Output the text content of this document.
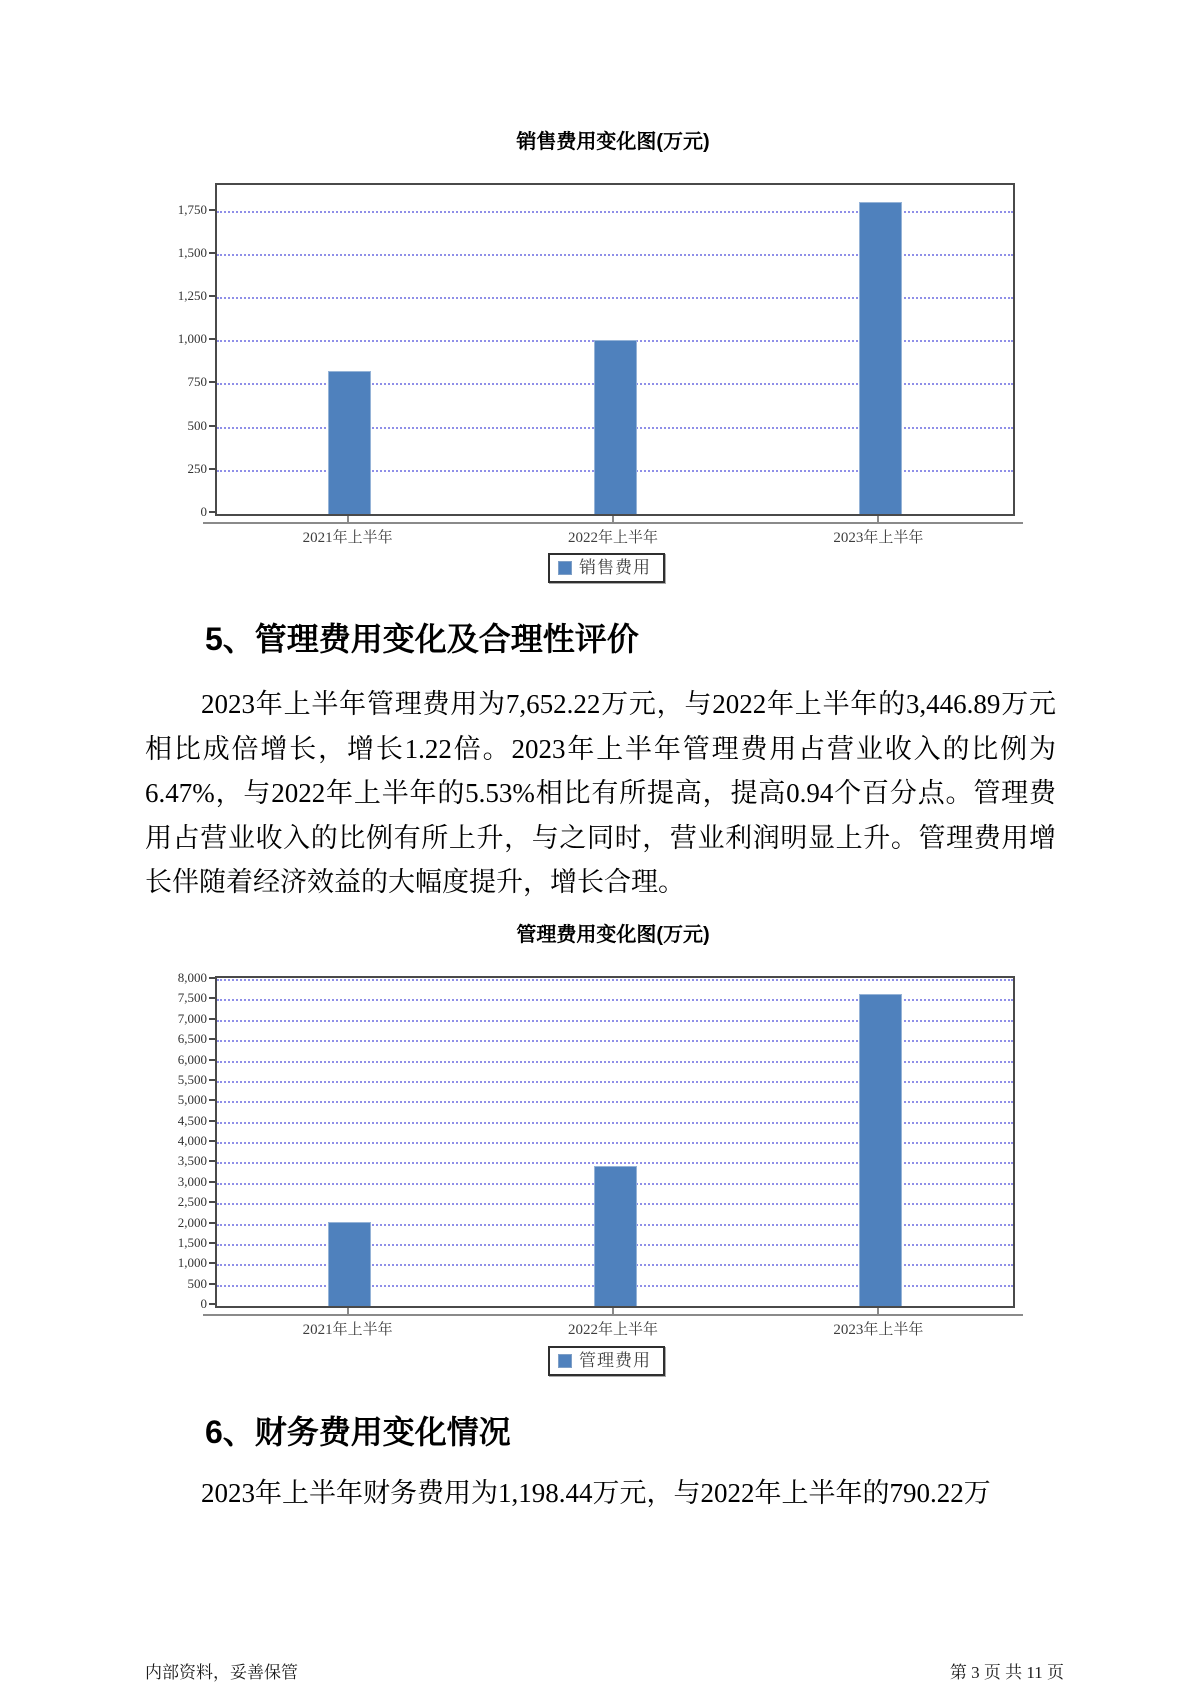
销售费用变化图(万元)
0
250
500
750
1,000
1,250
1,500
1,750
2021年上半年	2022年上半年	2023年上半年
销售费用
5、管理费用变化及合理性评价

2023年上半年管理费用为7,652.22万元，与2022年上半年的3,446.89万元相比成倍增长，增长1.22倍。2023年上半年管理费用占营业收入的比例为6.47%，与2022年上半年的5.53%相比有所提高，提高0.94个百分点。管理费用占营业收入的比例有所上升，与之同时，营业利润明显上升。管理费用增长伴随着经济效益的大幅度提升，增长合理。

管理费用变化图(万元)
0
500
1,000
1,500
2,000
2,500
3,000
3,500
4,000
4,500
5,000
5,500
6,000
6,500
7,000
7,500
8,000
2021年上半年	2022年上半年	2023年上半年
管理费用
6、财务费用变化情况

2023年上半年财务费用为1,198.44万元，与2022年上半年的790.22万

内部资料，妥善保管	第 3 页 共 11 页
